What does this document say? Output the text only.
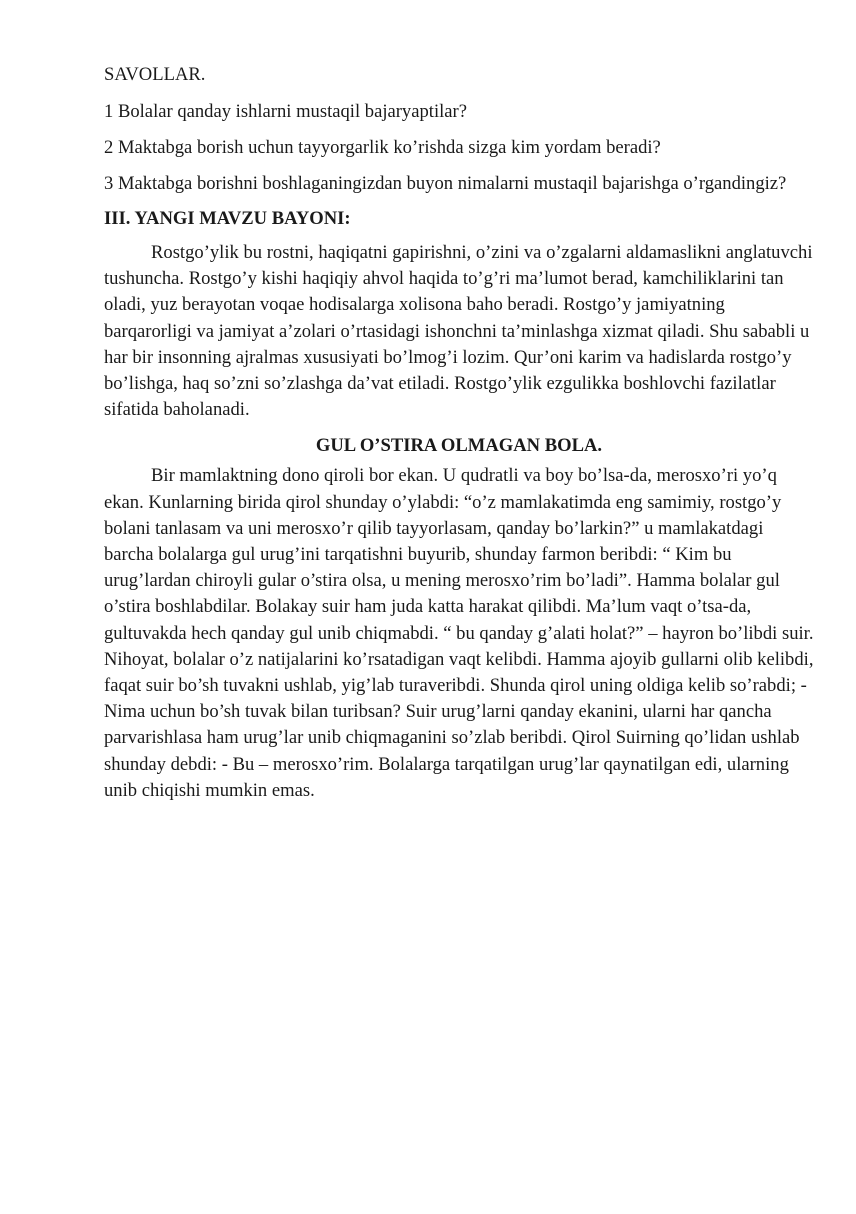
SAVOLLAR.

1 Bolalar qanday ishlarni mustaqil bajaryaptilar?

2 Maktabga borish uchun tayyorgarlik ko’rishda sizga kim yordam beradi?

3 Maktabga borishni boshlaganingizdan buyon nimalarni mustaqil bajarishga o’rgandingiz?

III. YANGI MAVZU BAYONI:

Rostgo’ylik bu rostni, haqiqatni gapirishni, o’zini va o’zgalarni aldamaslikni anglatuvchi tushuncha. Rostgo’y kishi haqiqiy ahvol haqida to’g’ri ma’lumot berad, kamchiliklarini tan oladi, yuz berayotan voqae hodisalarga xolisona baho beradi. Rostgo’y jamiyatning barqarorligi va jamiyat a’zolari o’rtasidagi ishonchni ta’minlashga xizmat qiladi. Shu sababli u har bir insonning ajralmas xususiyati bo’lmog’i lozim. Qur’oni karim va hadislarda rostgo’y bo’lishga, haq so’zni so’zlashga da’vat etiladi. Rostgo’ylik ezgulikka boshlovchi fazilatlar sifatida baholanadi.

GUL O’STIRA OLMAGAN BOLA.

Bir mamlaktning dono qiroli bor ekan. U qudratli va boy bo’lsa-da, merosxo’ri yo’q ekan. Kunlarning birida qirol shunday o’ylabdi: “o’z mamlakatimda eng samimiy, rostgo’y bolani tanlasam va uni merosxo’r qilib tayyorlasam, qanday bo’larkin?” u mamlakatdagi barcha bolalarga gul urug’ini tarqatishni buyurib, shunday farmon beribdi: “ Kim bu urug’lardan chiroyli gular o’stira olsa, u mening merosxo’rim bo’ladi”. Hamma bolalar gul o’stira boshlabdilar. Bolakay suir ham juda katta harakat qilibdi. Ma’lum vaqt o’tsa-da, gultuvakda hech qanday gul unib chiqmabdi. “ bu qanday g’alati holat?” – hayron bo’libdi suir. Nihoyat, bolalar o’z natijalarini ko’rsatadigan vaqt kelibdi. Hamma ajoyib gullarni olib kelibdi, faqat suir bo’sh tuvakni ushlab, yig’lab turaveribdi. Shunda qirol uning oldiga kelib so’rabdi; - Nima uchun bo’sh tuvak bilan turibsan? Suir urug’larni qanday ekanini, ularni har qancha parvarishlasa ham urug’lar unib chiqmaganini so’zlab beribdi. Qirol Suirning qo’lidan ushlab shunday debdi: - Bu – merosxo’rim. Bolalarga tarqatilgan urug’lar qaynatilgan edi, ularning unib chiqishi mumkin emas.
